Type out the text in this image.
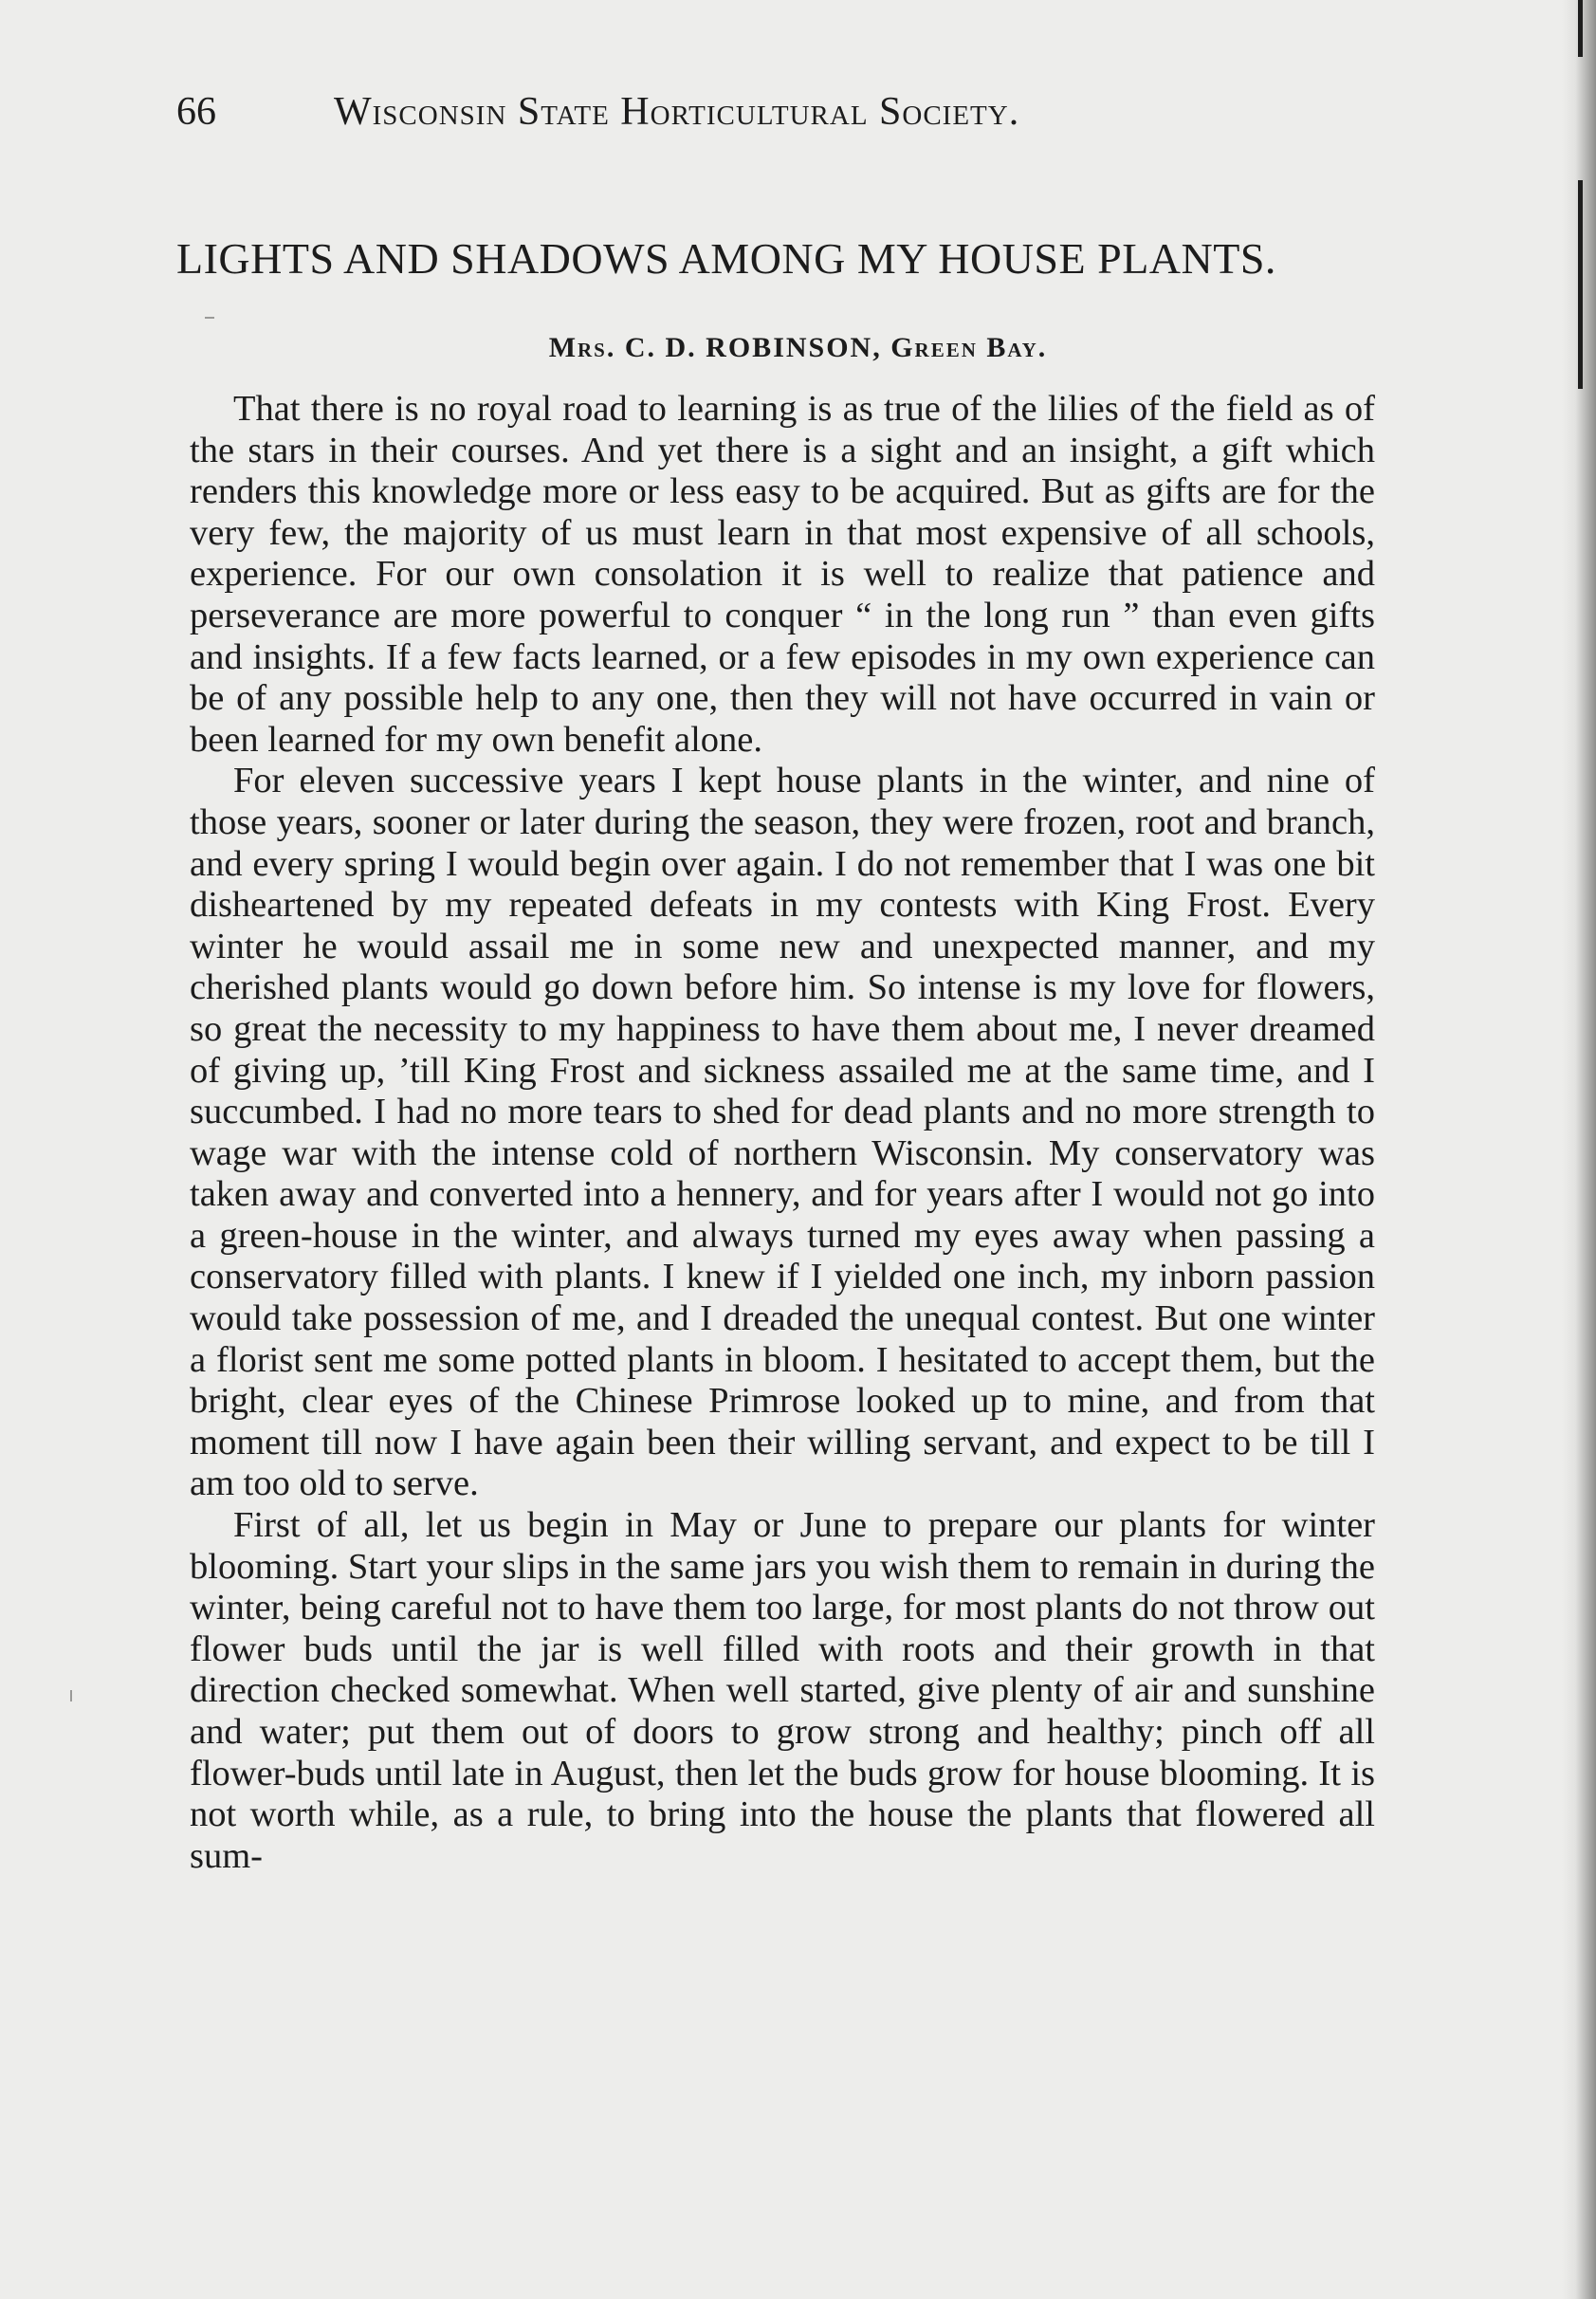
66	Wisconsin State Horticultural Society.
LIGHTS AND SHADOWS AMONG MY HOUSE PLANTS.
Mrs. C. D. ROBINSON, Green Bay.

That there is no royal road to learning is as true of the lilies of the field as of the stars in their courses. And yet there is a sight and an insight, a gift which renders this knowledge more or less easy to be acquired. But as gifts are for the very few, the majority of us must learn in that most expensive of all schools, experience. For our own consolation it is well to realize that patience and perseverance are more powerful to conquer “ in the long run ” than even gifts and insights. If a few facts learned, or a few episodes in my own experience can be of any possible help to any one, then they will not have occurred in vain or been learned for my own benefit alone.

For eleven successive years I kept house plants in the winter, and nine of those years, sooner or later during the season, they were frozen, root and branch, and every spring I would begin over again. I do not remember that I was one bit disheartened by my repeated defeats in my contests with King Frost. Every winter he would assail me in some new and unexpected manner, and my cherished plants would go down before him. So intense is my love for flowers, so great the necessity to my happiness to have them about me, I never dreamed of giving up, ’till King Frost and sickness assailed me at the same time, and I succumbed. I had no more tears to shed for dead plants and no more strength to wage war with the intense cold of northern Wisconsin. My conservatory was taken away and converted into a hennery, and for years after I would not go into a green-house in the winter, and always turned my eyes away when passing a conservatory filled with plants. I knew if I yielded one inch, my inborn passion would take possession of me, and I dreaded the unequal contest. But one winter a florist sent me some potted plants in bloom. I hesitated to accept them, but the bright, clear eyes of the Chinese Primrose looked up to mine, and from that moment till now I have again been their willing servant, and expect to be till I am too old to serve.

First of all, let us begin in May or June to prepare our plants for winter blooming. Start your slips in the same jars you wish them to remain in during the winter, being careful not to have them too large, for most plants do not throw out flower buds until the jar is well filled with roots and their growth in that direction checked somewhat. When well started, give plenty of air and sunshine and water; put them out of doors to grow strong and healthy; pinch off all flower-buds until late in August, then let the buds grow for house blooming. It is not worth while, as a rule, to bring into the house the plants that flowered all sum-
